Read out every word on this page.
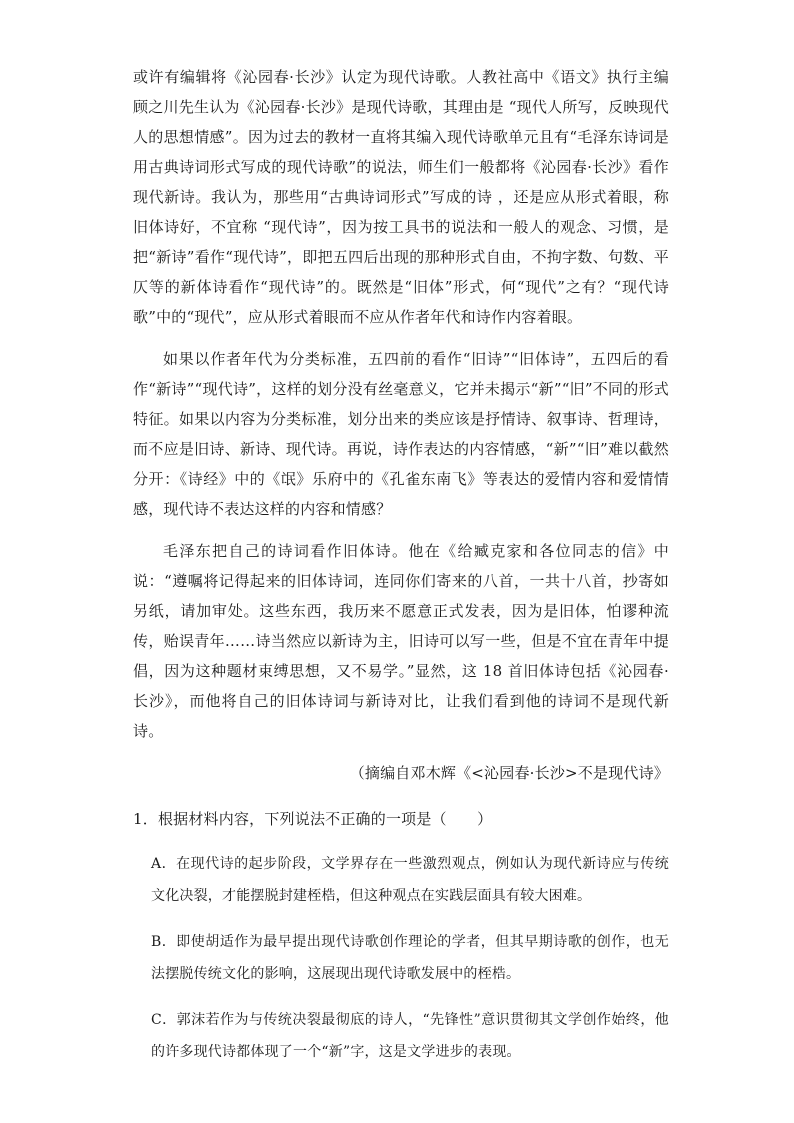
或许有编辑将《沁园春·长沙》认定为现代诗歌。人教社高中《语文》执行主编顾之川先生认为《沁园春·长沙》是现代诗歌，其理由是 “现代人所写，反映现代人的思想情感”。因为过去的教材一直将其编入现代诗歌单元且有“毛泽东诗词是用古典诗词形式写成的现代诗歌”的说法，师生们一般都将《沁园春·长沙》看作现代新诗。我认为，那些用“古典诗词形式”写成的诗 ，还是应从形式着眼，称旧体诗好，不宜称 “现代诗”，因为按工具书的说法和一般人的观念、习惯，是把“新诗”看作“现代诗”，即把五四后出现的那种形式自由，不拘字数、句数、平仄等的新体诗看作“现代诗”的。既然是“旧体”形式，何“现代”之有？“现代诗歌”中的“现代”，应从形式着眼而不应从作者年代和诗作内容着眼。

如果以作者年代为分类标准，五四前的看作“旧诗”“旧体诗”，五四后的看作“新诗”“现代诗”，这样的划分没有丝毫意义，它并未揭示“新”“旧”不同的形式特征。如果以内容为分类标准，划分出来的类应该是抒情诗、叙事诗、哲理诗，而不应是旧诗、新诗、现代诗。再说，诗作表达的内容情感，“新”“旧”难以截然分开：《诗经》中的《氓》乐府中的《孔雀东南飞》等表达的爱情内容和爱情情感，现代诗不表达这样的内容和情感？

毛泽东把自己的诗词看作旧体诗。他在《给臧克家和各位同志的信》中说：“遵嘱将记得起来的旧体诗词，连同你们寄来的八首，一共十八首，抄寄如另纸，请加审处。这些东西，我历来不愿意正式发表，因为是旧体，怕谬种流传，贻误青年……诗当然应以新诗为主，旧诗可以写一些，但是不宜在青年中提倡，因为这种题材束缚思想，又不易学。”显然，这 18 首旧体诗包括《沁园春·长沙》，而他将自己的旧体诗词与新诗对比，让我们看到他的诗词不是现代新诗。

（摘编自邓木辉《<沁园春·长沙>不是现代诗》

1．根据材料内容，下列说法不正确的一项是（　　）

A．在现代诗的起步阶段，文学界存在一些激烈观点，例如认为现代新诗应与传统文化决裂，才能摆脱封建桎梏，但这种观点在实践层面具有较大困难。

B．即使胡适作为最早提出现代诗歌创作理论的学者，但其早期诗歌的创作，也无法摆脱传统文化的影响，这展现出现代诗歌发展中的桎梏。

C．郭沫若作为与传统决裂最彻底的诗人，“先锋性”意识贯彻其文学创作始终，他的许多现代诗都体现了一个“新”字，这是文学进步的表现。
